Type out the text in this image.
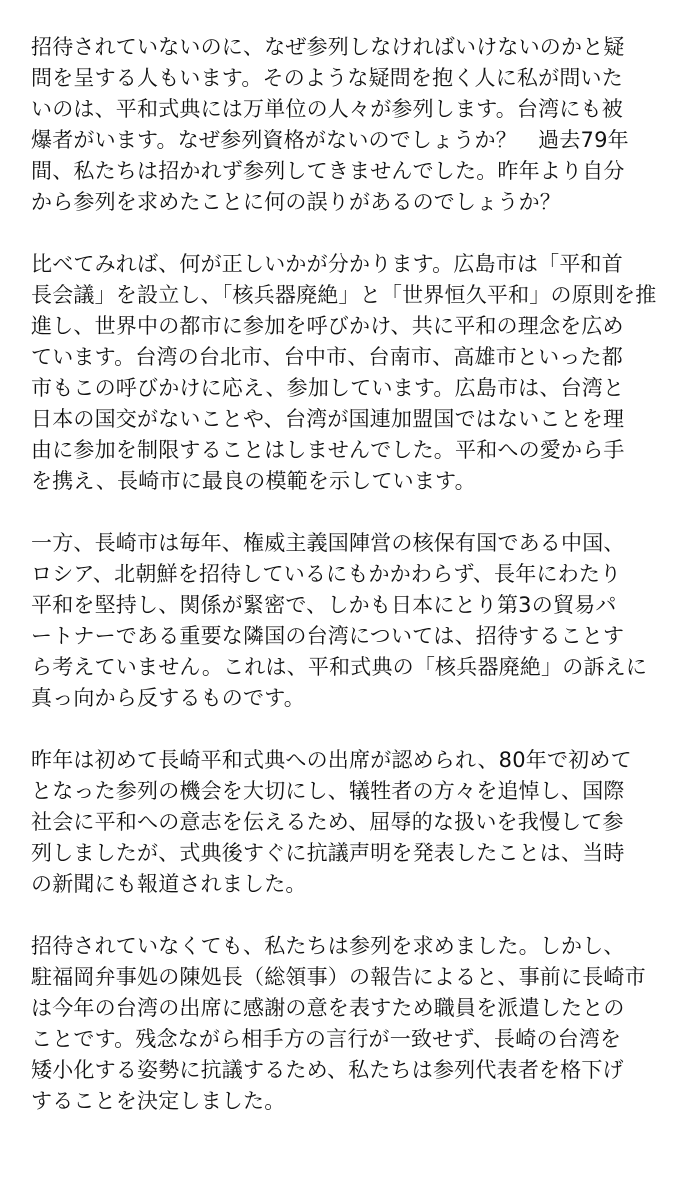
招待されていないのに、なぜ参列しなければいけないのかと疑
問を呈する人もいます。そのような疑問を抱く人に私が問いた
いのは、平和式典には万単位の人々が参列します。台湾にも被
爆者がいます。なぜ参列資格がないのでしょうか？　過去79年
間、私たちは招かれず参列してきませんでした。昨年より自分
から参列を求めたことに何の誤りがあるのでしょうか？
比べてみれば、何が正しいかが分かります。広島市は「平和首
長会議」を設立し、「核兵器廃絶」と「世界恒久平和」の原則を推
進し、世界中の都市に参加を呼びかけ、共に平和の理念を広め
ています。台湾の台北市、台中市、台南市、高雄市といった都
市もこの呼びかけに応え、参加しています。広島市は、台湾と
日本の国交がないことや、台湾が国連加盟国ではないことを理
由に参加を制限することはしませんでした。平和への愛から手
を携え、長崎市に最良の模範を示しています。
一方、長崎市は毎年、権威主義国陣営の核保有国である中国、
ロシア、北朝鮮を招待しているにもかかわらず、長年にわたり
平和を堅持し、関係が緊密で、しかも日本にとり第3の貿易パ
ートナーである重要な隣国の台湾については、招待することす
ら考えていません。これは、平和式典の「核兵器廃絶」の訴えに
真っ向から反するものです。
昨年は初めて長崎平和式典への出席が認められ、80年で初めて
となった参列の機会を大切にし、犠牲者の方々を追悼し、国際
社会に平和への意志を伝えるため、屈辱的な扱いを我慢して参
列しましたが、式典後すぐに抗議声明を発表したことは、当時
の新聞にも報道されました。
招待されていなくても、私たちは参列を求めました。しかし、
駐福岡弁事処の陳処長（総領事）の報告によると、事前に長崎市
は今年の台湾の出席に感謝の意を表すため職員を派遣したとの
ことです。残念ながら相手方の言行が一致せず、長崎の台湾を
矮小化する姿勢に抗議するため、私たちは参列代表者を格下げ
することを決定しました。
